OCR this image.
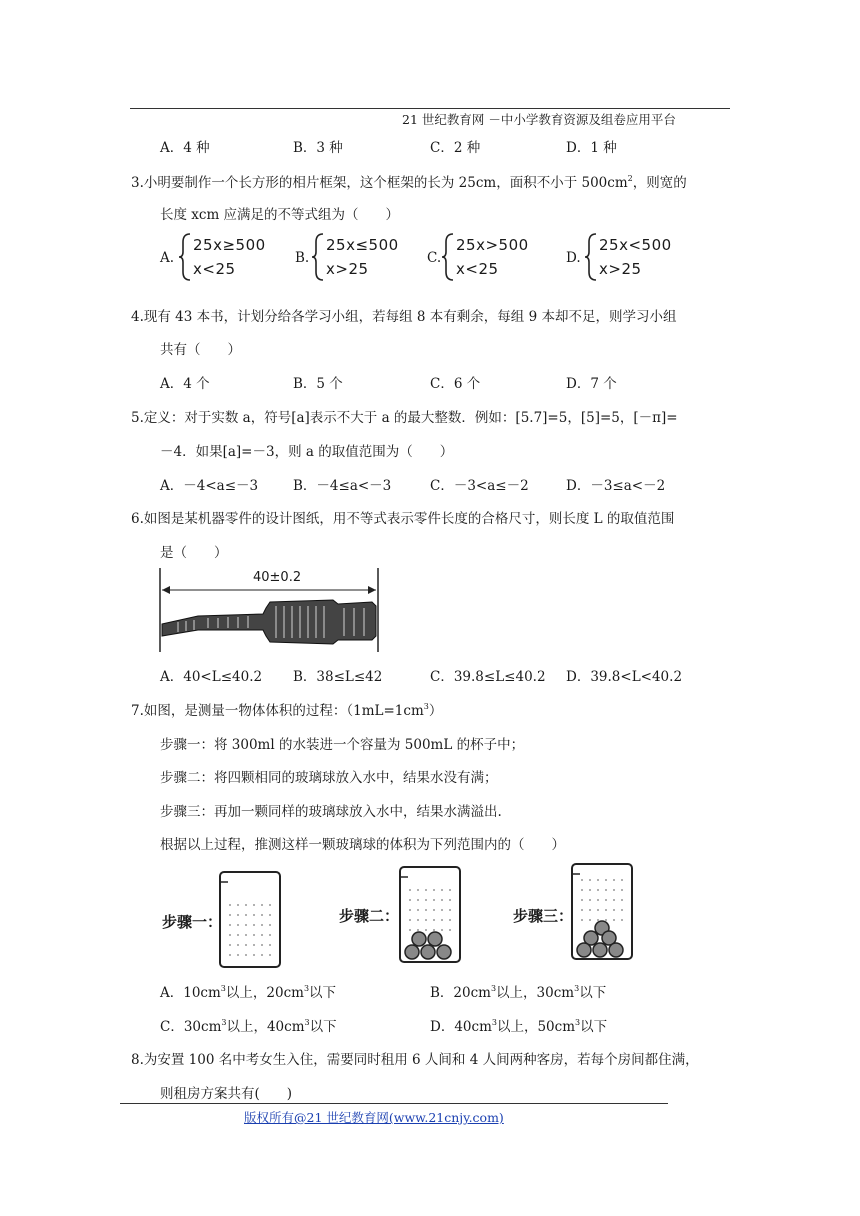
21 世纪教育网 －中小学教育资源及组卷应用平台
A．4 种	B．3 种	C．2 种	D．1 种
3.小明要制作一个长方形的相片框架，这个框架的长为 25cm，面积不小于 $500cm^2$，则宽的
长度 xcm 应满足的不等式组为（　　）
A.
25x≥500
x<25
B.
25x≤500
x>25
C.
25x>500
x<25
D.
25x<500
x>25
4.现有 43 本书，计划分给各学习小组，若每组 8 本有剩余，每组 9 本却不足，则学习小组
共有（　　）
A．4 个	B．5 个	C．6 个	D．7 个
5.定义：对于实数 a，符号[a]表示不大于 a 的最大整数．例如：[5.7]=5，[5]=5，[－π]=
－4．如果[a]=－3，则 a 的取值范围为（　　）
A．－4<a≤－3	B．－4≤a<－3	C．－3<a≤－2	D．－3≤a<－2
6.如图是某机器零件的设计图纸，用不等式表示零件长度的合格尺寸，则长度 L 的取值范围
是（　　）
40±0.2
A．40<L≤40.2 B．38≤L≤42	C．39.8≤L≤40.2 D．39.8<L<40.2
7.如图，是测量一物体体积的过程：$(1mL=1cm^3)$
步骤一：将 300ml 的水装进一个容量为 500mL 的杯子中；
步骤二：将四颗相同的玻璃球放入水中，结果水没有满；
步骤三：再加一颗同样的玻璃球放入水中，结果水满溢出.
根据以上过程，推测这样一颗玻璃球的体积为下列范围内的（　　）
步骤一：	步骤二：	步骤三：
A．$10cm^3$以上，$20cm^3$以下	B．$20cm^3$以上，$30cm^3$以下
C．$30cm^3$以上，$40cm^3$以下	D．$40cm^3$以上，$50cm^3$以下
8.为安置 100 名中考女生入住，需要同时租用 6 人间和 4 人间两种客房，若每个房间都住满，
则租房方案共有(　　)
版权所有@21 世纪教育网(www.21cnjy.com)
